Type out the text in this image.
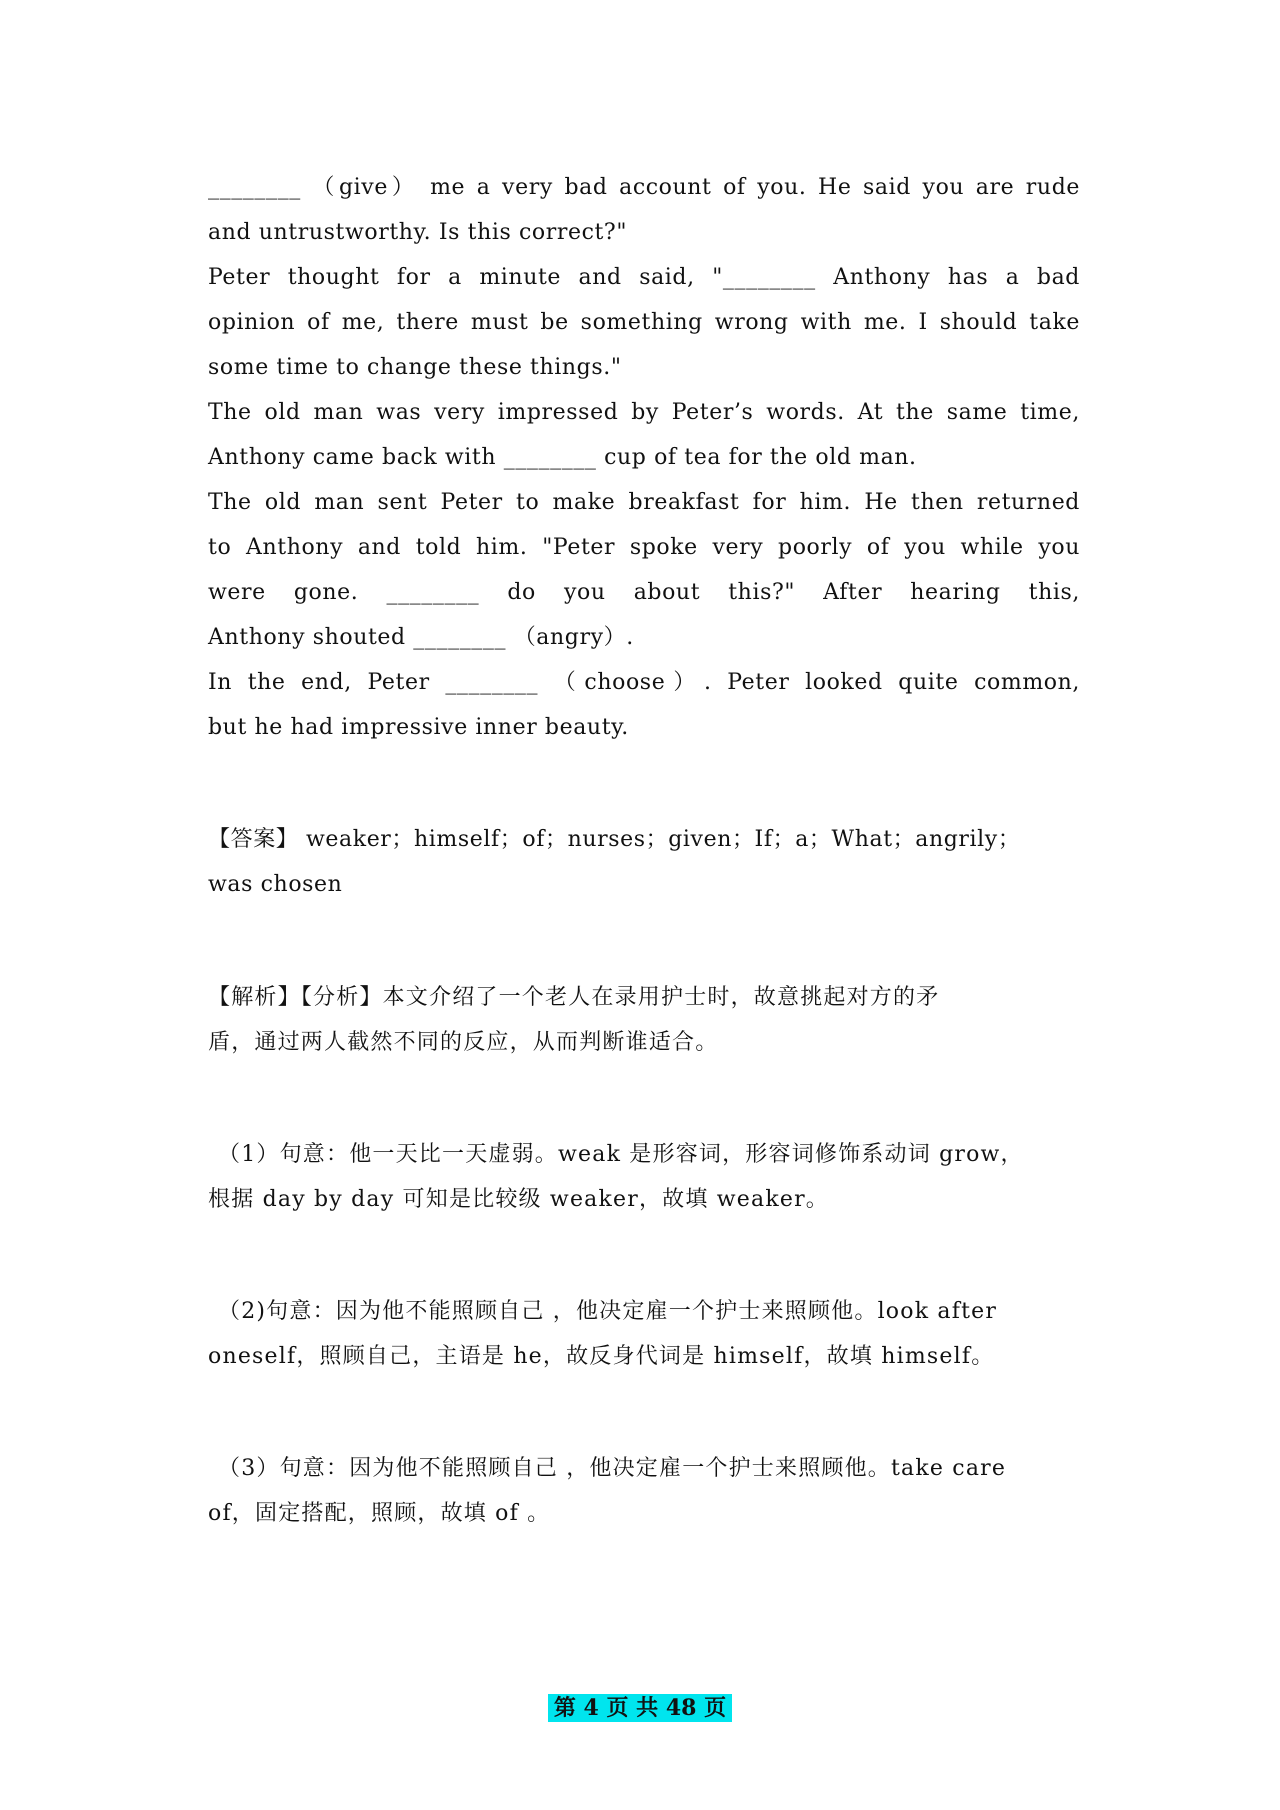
________ （give） me a very bad account of you. He said you are rude
and untrustworthy. Is this correct?"
Peter thought for a minute and said, "________ Anthony has a bad
opinion of me, there must be something wrong with me. I should take
some time to change these things."
The old man was very impressed by Peter’s words. At the same time,
Anthony came back with ________ cup of tea for the old man.
The old man sent Peter to make breakfast for him. He then returned
to Anthony and told him. "Peter spoke very poorly of you while you
were gone. ________ do you about this?" After hearing this,
Anthony shouted ________ （angry）.
In the end, Peter ________ （choose）. Peter looked quite common,
but he had impressive inner beauty.
【答案】 weaker；himself；of；nurses；given；If；a；What；angrily；
was chosen
【解析】【分析】本文介绍了一个老人在录用护士时，故意挑起对方的矛
盾，通过两人截然不同的反应，从而判断谁适合。
（1）句意：他一天比一天虚弱。weak 是形容词，形容词修饰系动词 grow，
根据 day by day 可知是比较级 weaker，故填 weaker。
（2)句意：因为他不能照顾自己 ，他决定雇一个护士来照顾他。look after
oneself，照顾自己，主语是 he，故反身代词是 himself，故填 himself。
（3）句意：因为他不能照顾自己 ，他决定雇一个护士来照顾他。take care
of，固定搭配，照顾，故填 of 。
第 4 页 共 48 页
